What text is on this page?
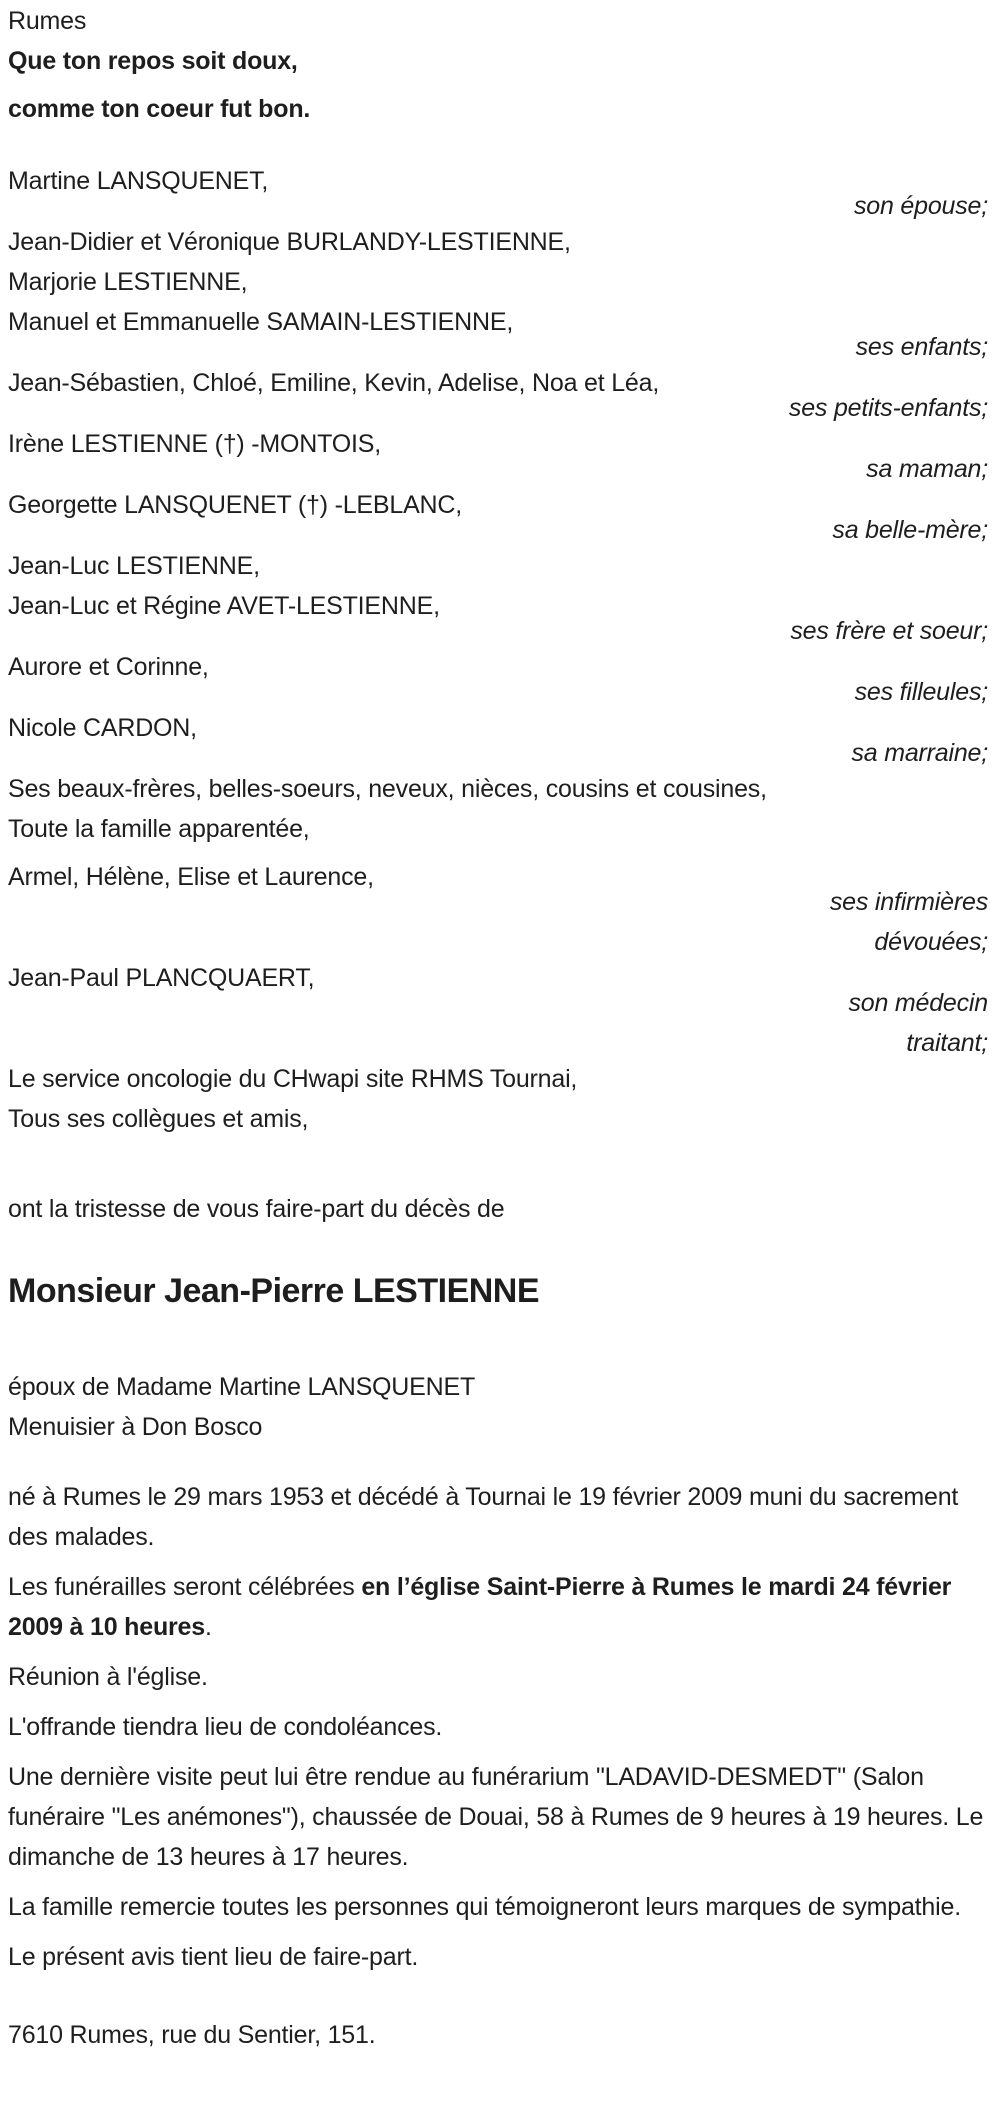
Rumes

Que ton repos soit doux,

comme ton coeur fut bon.

Martine LANSQUENET,
son épouse;
Jean-Didier et Véronique BURLANDY-LESTIENNE,
Marjorie LESTIENNE,
Manuel et Emmanuelle SAMAIN-LESTIENNE,
ses enfants;
Jean-Sébastien, Chloé, Emiline, Kevin, Adelise, Noa et Léa,
ses petits-enfants;
Irène LESTIENNE (†) -MONTOIS,
sa maman;
Georgette LANSQUENET (†) -LEBLANC,
sa belle-mère;
Jean-Luc LESTIENNE,
Jean-Luc et Régine AVET-LESTIENNE,
ses frère et soeur;
Aurore et Corinne,
ses filleules;
Nicole CARDON,
sa marraine;
Ses beaux-frères, belles-soeurs, neveux, nièces, cousins et cousines,
Toute la famille apparentée,
Armel, Hélène, Elise et Laurence,
ses infirmières
dévouées;
Jean-Paul PLANCQUAERT,
son médecin
traitant;
Le service oncologie du CHwapi site RHMS Tournai,
Tous ses collègues et amis,

ont la tristesse de vous faire-part du décès de

Monsieur Jean-Pierre LESTIENNE

époux de Madame Martine LANSQUENET

Menuisier à Don Bosco

né à Rumes le 29 mars 1953 et décédé à Tournai le 19 février 2009 muni du sacrement des malades.

Les funérailles seront célébrées en l’église Saint-Pierre à Rumes le mardi 24 février 2009 à 10 heures.

Réunion à l'église.

L'offrande tiendra lieu de condoléances.

Une dernière visite peut lui être rendue au funérarium "LADAVID-DESMEDT" (Salon funéraire "Les anémones"), chaussée de Douai, 58 à Rumes de 9 heures à 19 heures. Le dimanche de 13 heures à 17 heures.

La famille remercie toutes les personnes qui témoigneront leurs marques de sympathie.

Le présent avis tient lieu de faire-part.

7610 Rumes, rue du Sentier, 151.
